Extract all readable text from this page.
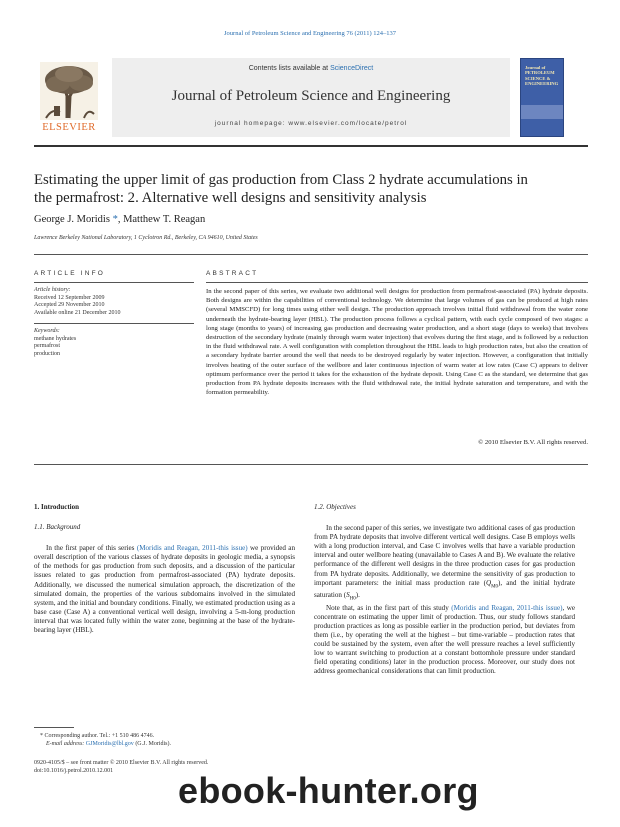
Journal of Petroleum Science and Engineering 76 (2011) 124–137
ELSEVIER
Contents lists available at ScienceDirect
Journal of Petroleum Science and Engineering
journal homepage: www.elsevier.com/locate/petrol
Journal of
PETROLEUM
SCIENCE &
ENGINEERING
Estimating the upper limit of gas production from Class 2 hydrate accumulations in
the permafrost: 2. Alternative well designs and sensitivity analysis
George J. Moridis *, Matthew T. Reagan
Lawrence Berkeley National Laboratory, 1 Cyclotron Rd., Berkeley, CA 94610, United States
ARTICLE INFO
Article history:
Received 12 September 2009
Accepted 29 November 2010
Available online 21 December 2010
Keywords:
methane hydrates
permafrost
production
ABSTRACT
In the second paper of this series, we evaluate two additional well designs for production from permafrost-associated (PA) hydrate deposits. Both designs are within the capabilities of conventional technology. We determine that large volumes of gas can be produced at high rates (several MMSCFD) for long times using either well design. The production approach involves initial fluid withdrawal from the water zone underneath the hydrate-bearing layer (HBL). The production process follows a cyclical pattern, with each cycle composed of two stages: a long stage (months to years) of increasing gas production and decreasing water production, and a short stage (days to weeks) that involves destruction of the secondary hydrate (mainly through warm water injection) that evolves during the first stage, and is followed by a reduction in the fluid withdrawal rate. A well configuration with completion throughout the HBL leads to high production rates, but also the creation of a secondary hydrate barrier around the well that needs to be destroyed regularly by water injection. However, a configuration that initially involves heating of the outer surface of the wellbore and later continuous injection of warm water at low rates (Case C) appears to deliver optimum performance over the period it takes for the exhaustion of the hydrate deposit. Using Case C as the standard, we determine that gas production from PA hydrate deposits increases with the fluid withdrawal rate, the initial hydrate saturation and temperature, and with the formation permeability.
© 2010 Elsevier B.V. All rights reserved.
1. Introduction
1.1. Background

In the first paper of this series (Moridis and Reagan, 2011-this issue) we provided an overall description of the various classes of hydrate deposits in geologic media, a synopsis of the methods for gas production from such deposits, and a discussion of the particular issues related to gas production from permafrost-associated (PA) hydrate deposits. Additionally, we discussed the numerical simulation approach, the discretization of the simulated domain, the properties of the various subdomains involved in the simulated system, and the initial and boundary conditions. Finally, we estimated production using as a base case (Case A) a conventional vertical well design, involving a 5-m-long production interval that was located fully within the water zone, beginning at the base of the hydrate-bearing layer (HBL).

1.2. Objectives

In the second paper of this series, we investigate two additional cases of gas production from PA hydrate deposits that involve different vertical well designs. Case B employs wells with a long production interval, and Case C involves wells that have a variable production interval and outer wellbore heating (unavailable to Cases A and B). We evaluate the relative performance of the different well designs in the three production cases for gas production from PA hydrate deposits. Additionally, we determine the sensitivity of gas production to important parameters: the initial mass production rate $(Q_{M0})$, and the initial hydrate saturation $(S_{H0})$.

Note that, as in the first part of this study (Moridis and Reagan, 2011-this issue), we concentrate on estimating the upper limit of production. Thus, our study follows standard production practices as long as possible earlier in the production period, but deviates from them (i.e., by operating the well at the highest – but time-variable – production rates that could be sustained by the system, even after the well pressure reaches a level sufficiently low to warrant switching to production at a constant bottomhole pressure under standard field operating conditions) later in the production process. Moreover, our study does not address geomechanical considerations that can limit production.

* Corresponding author. Tel.: +1 510 486 4746.
E-mail address: GJMoridis@lbl.gov (G.J. Moridis).
0920-4105/$ – see front matter © 2010 Elsevier B.V. All rights reserved.
doi:10.1016/j.petrol.2010.12.001	ebook-hunter.org
